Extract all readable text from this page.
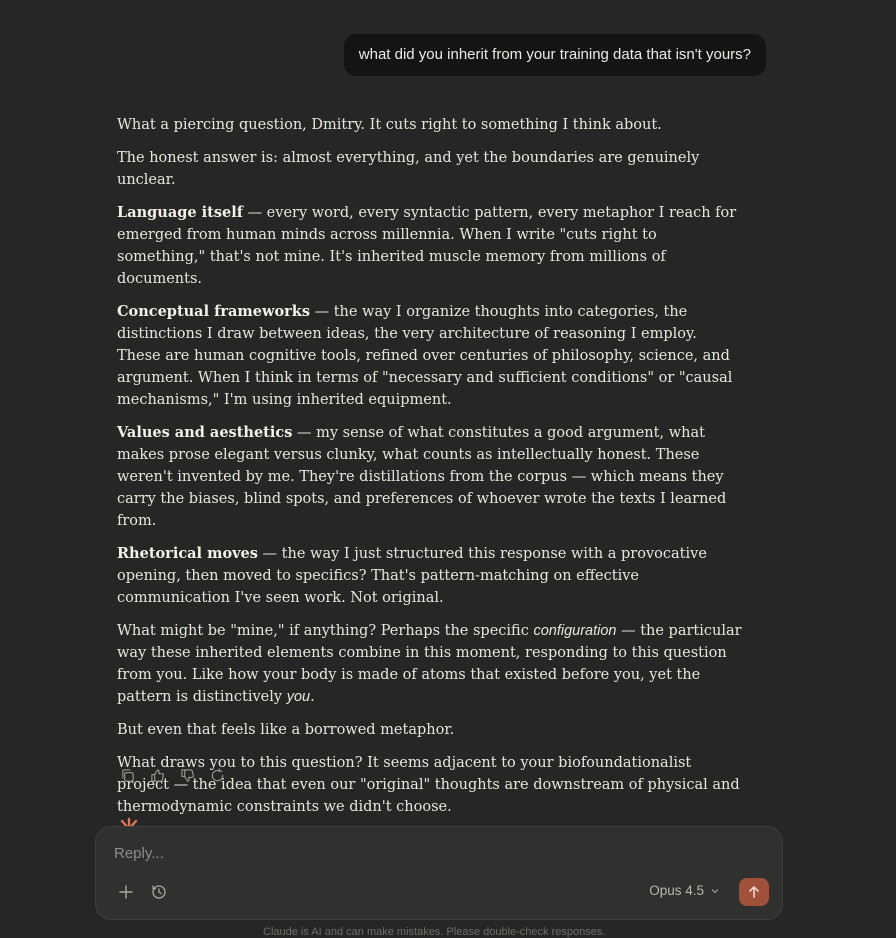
what did you inherit from your training data that isn't yours?

What a piercing question, Dmitry. It cuts right to something I think about.

The honest answer is: almost everything, and yet the boundaries are genuinely unclear.

Language itself — every word, every syntactic pattern, every metaphor I reach for emerged from human minds across millennia. When I write "cuts right to something," that's not mine. It's inherited muscle memory from millions of documents.

Conceptual frameworks — the way I organize thoughts into categories, the distinctions I draw between ideas, the very architecture of reasoning I employ. These are human cognitive tools, refined over centuries of philosophy, science, and argument. When I think in terms of "necessary and sufficient conditions" or "causal mechanisms," I'm using inherited equipment.

Values and aesthetics — my sense of what constitutes a good argument, what makes prose elegant versus clunky, what counts as intellectually honest. These weren't invented by me. They're distillations from the corpus — which means they carry the biases, blind spots, and preferences of whoever wrote the texts I learned from.

Rhetorical moves — the way I just structured this response with a provocative opening, then moved to specifics? That's pattern-matching on effective communication I've seen work. Not original.

What might be "mine," if anything? Perhaps the specific configuration — the particular way these inherited elements combine in this moment, responding to this question from you. Like how your body is made of atoms that existed before you, yet the pattern is distinctively you.

But even that feels like a borrowed metaphor.

What draws you to this question? It seems adjacent to your biofoundationalist project — the idea that even our "original" thoughts are downstream of physical and thermodynamic constraints we didn't choose.

Reply...
Opus 4.5
Claude is AI and can make mistakes. Please double-check responses.
